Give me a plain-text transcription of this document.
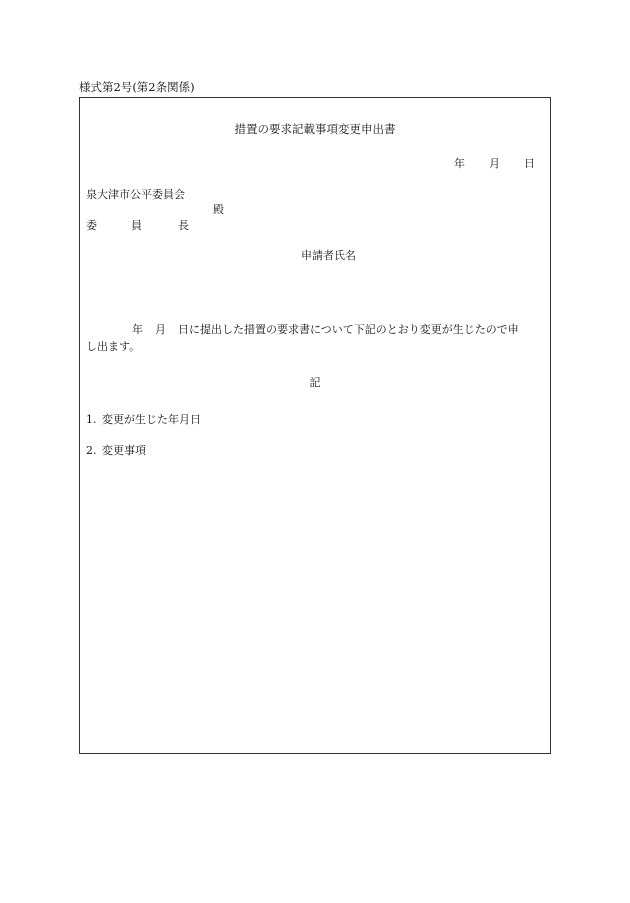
様式第2号(第2条関係)
措置の要求記載事項変更申出書
年 月 日
泉大津市公平委員会
殿
委	員	長
申請者氏名
年 月 日に提出した措置の要求書について下記のとおり変更が生じたので申
し出ます。
記
1. 変更が生じた年月日
2. 変更事項
